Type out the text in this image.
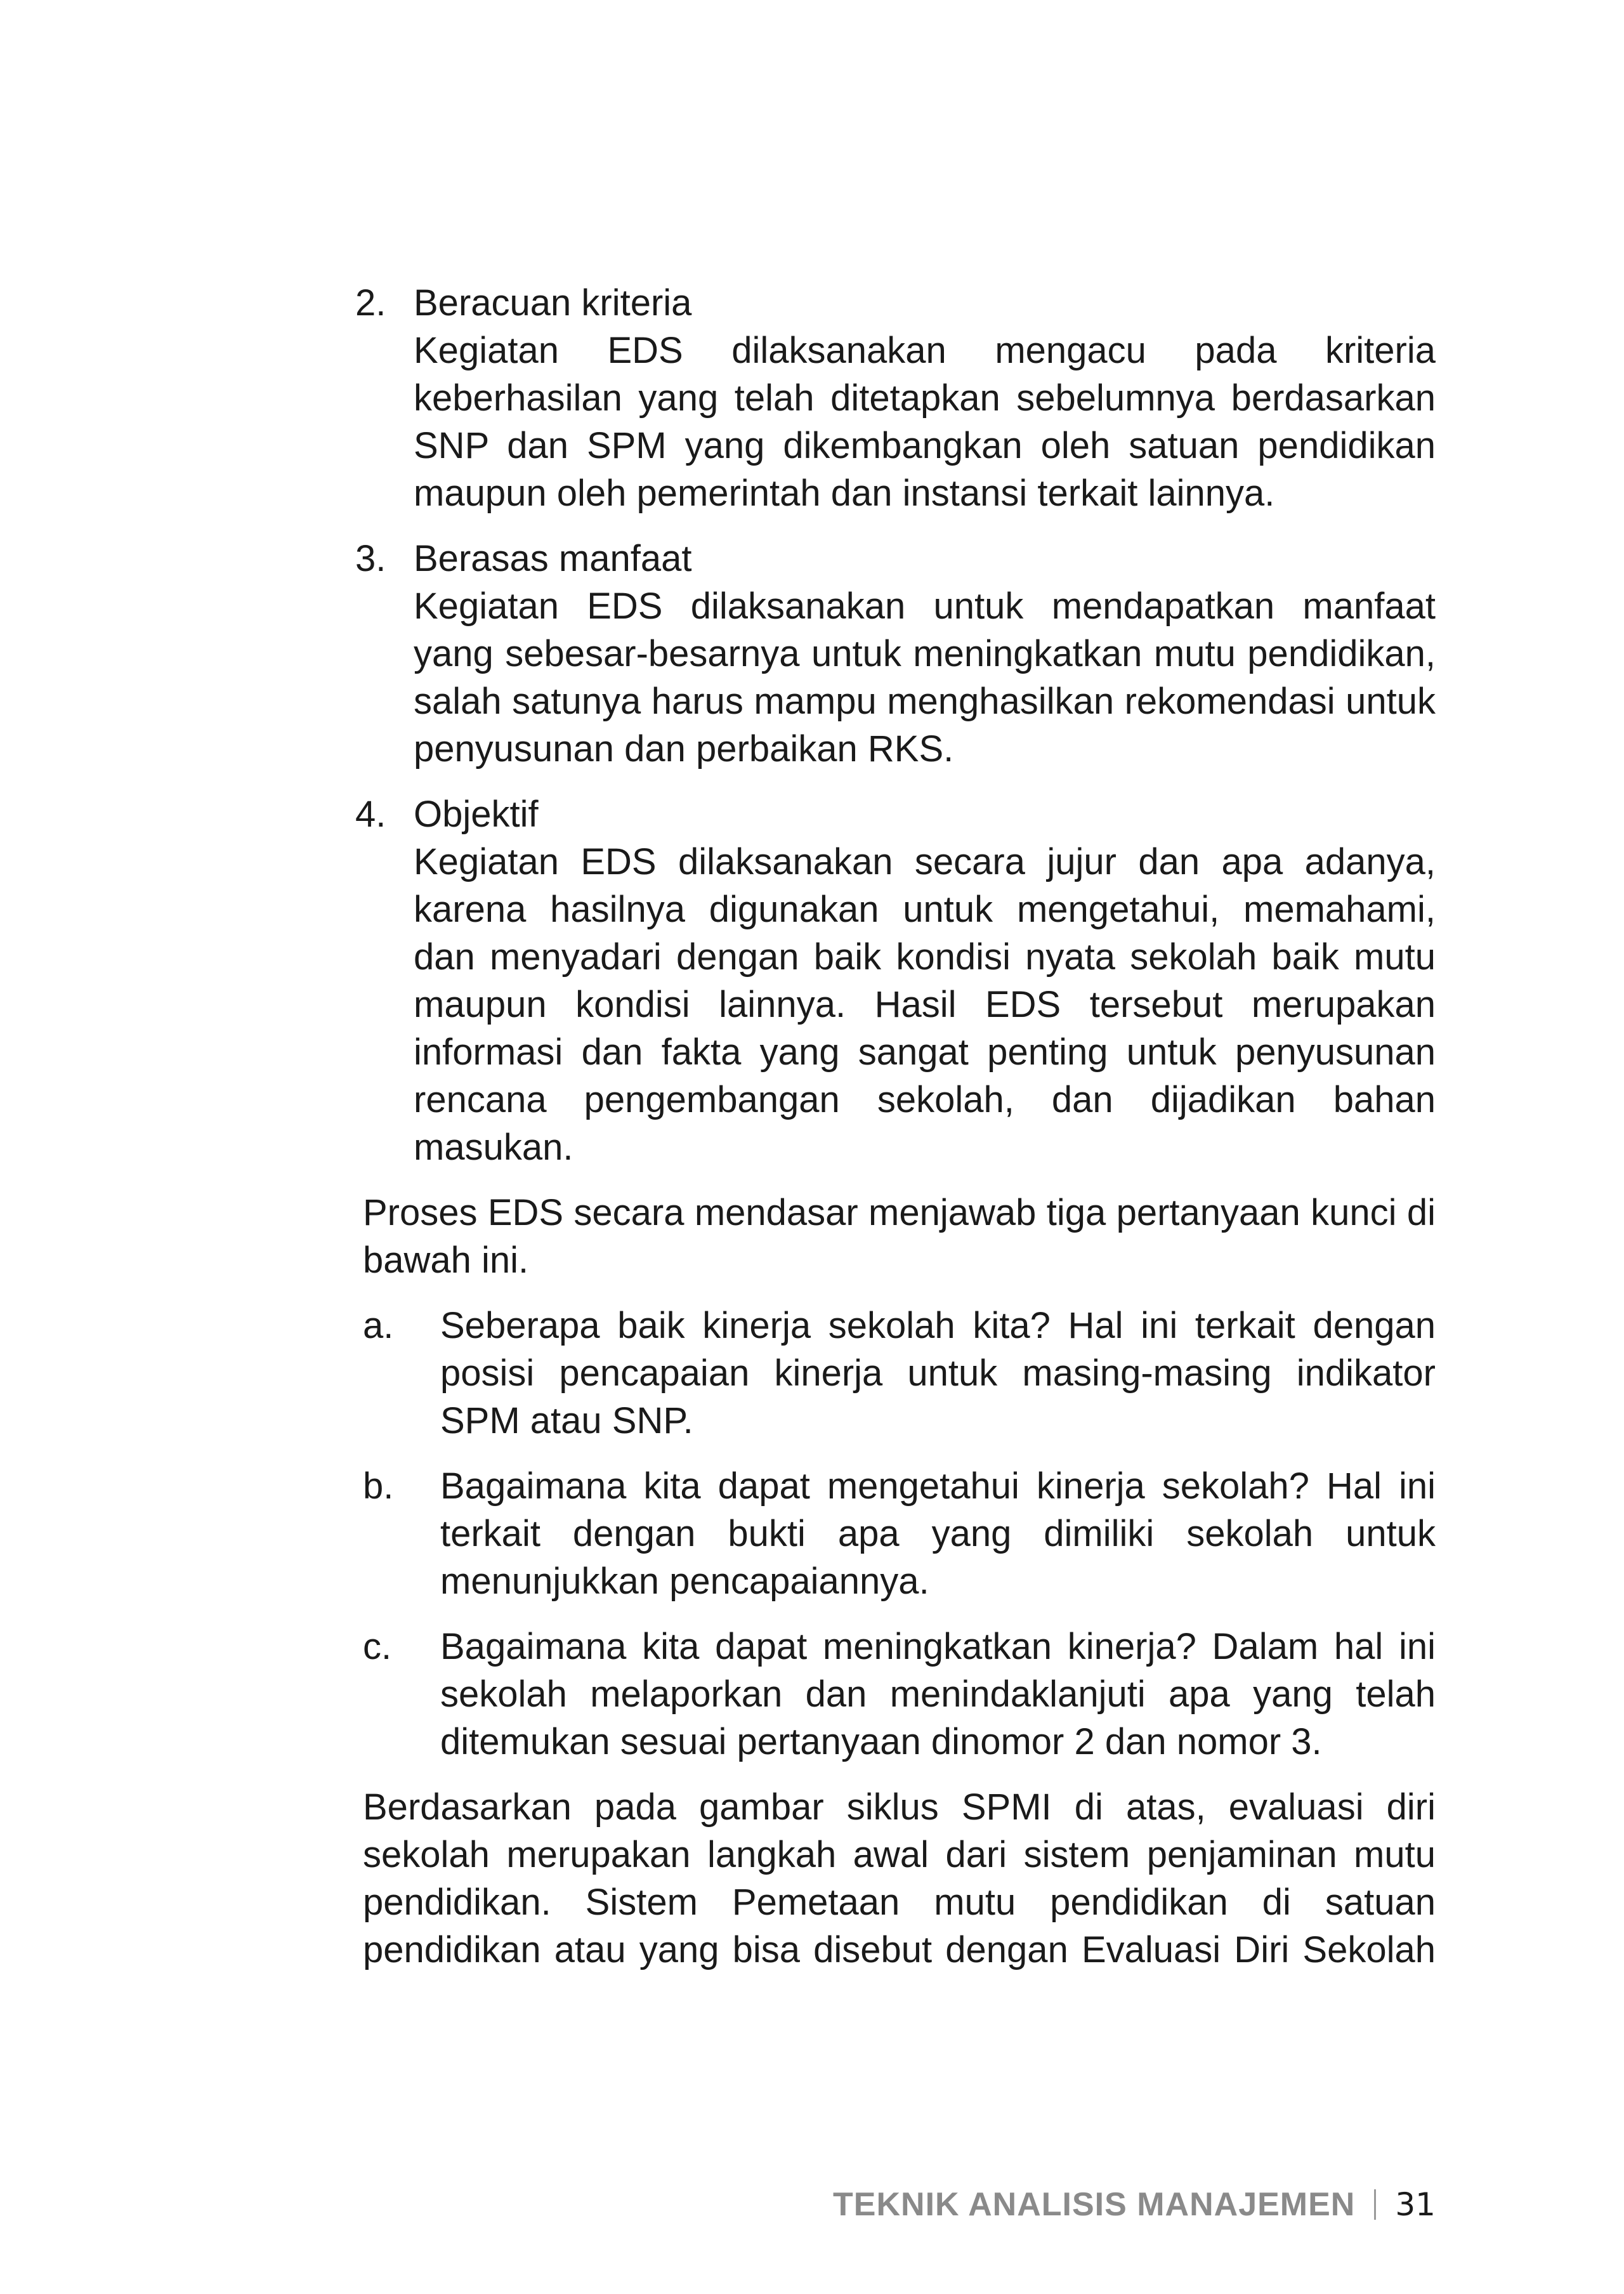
2. Beracuan kriteria
Kegiatan EDS dilaksanakan mengacu pada kriteria keberhasilan yang telah ditetapkan sebelumnya berdasarkan SNP dan SPM yang dikembangkan oleh satuan pendidikan maupun oleh pemerintah dan instansi terkait lainnya.
3. Berasas manfaat
Kegiatan EDS dilaksanakan untuk mendapatkan manfaat yang sebesar-besarnya untuk meningkatkan mutu pendidikan, salah satunya harus mampu menghasilkan rekomendasi untuk penyusunan dan perbaikan RKS.
4. Objektif
Kegiatan EDS dilaksanakan secara jujur dan apa adanya, karena hasilnya digunakan untuk mengetahui, memahami, dan menyadari dengan baik kondisi nyata sekolah baik mutu maupun kondisi lainnya. Hasil EDS tersebut merupakan informasi dan fakta yang sangat penting untuk penyusunan rencana pengembangan sekolah, dan dijadikan bahan masukan.

Proses EDS secara mendasar menjawab tiga pertanyaan kunci di bawah ini.

a. Seberapa baik kinerja sekolah kita? Hal ini terkait dengan posisi pencapaian kinerja untuk masing-masing indikator SPM atau SNP.
b. Bagaimana kita dapat mengetahui kinerja sekolah? Hal ini terkait dengan bukti apa yang dimiliki sekolah untuk menunjukkan pencapaiannya.
c. Bagaimana kita dapat meningkatkan kinerja? Dalam hal ini sekolah melaporkan dan menindaklanjuti apa yang telah ditemukan sesuai pertanyaan dinomor 2 dan nomor 3.

Berdasarkan pada gambar siklus SPMI di atas, evaluasi diri sekolah merupakan langkah awal dari sistem penjaminan mutu pendidikan. Sistem Pemetaan mutu pendidikan di satuan pendidikan atau yang bisa disebut dengan Evaluasi Diri Sekolah

TEKNIK ANALISIS MANAJEMEN 31
